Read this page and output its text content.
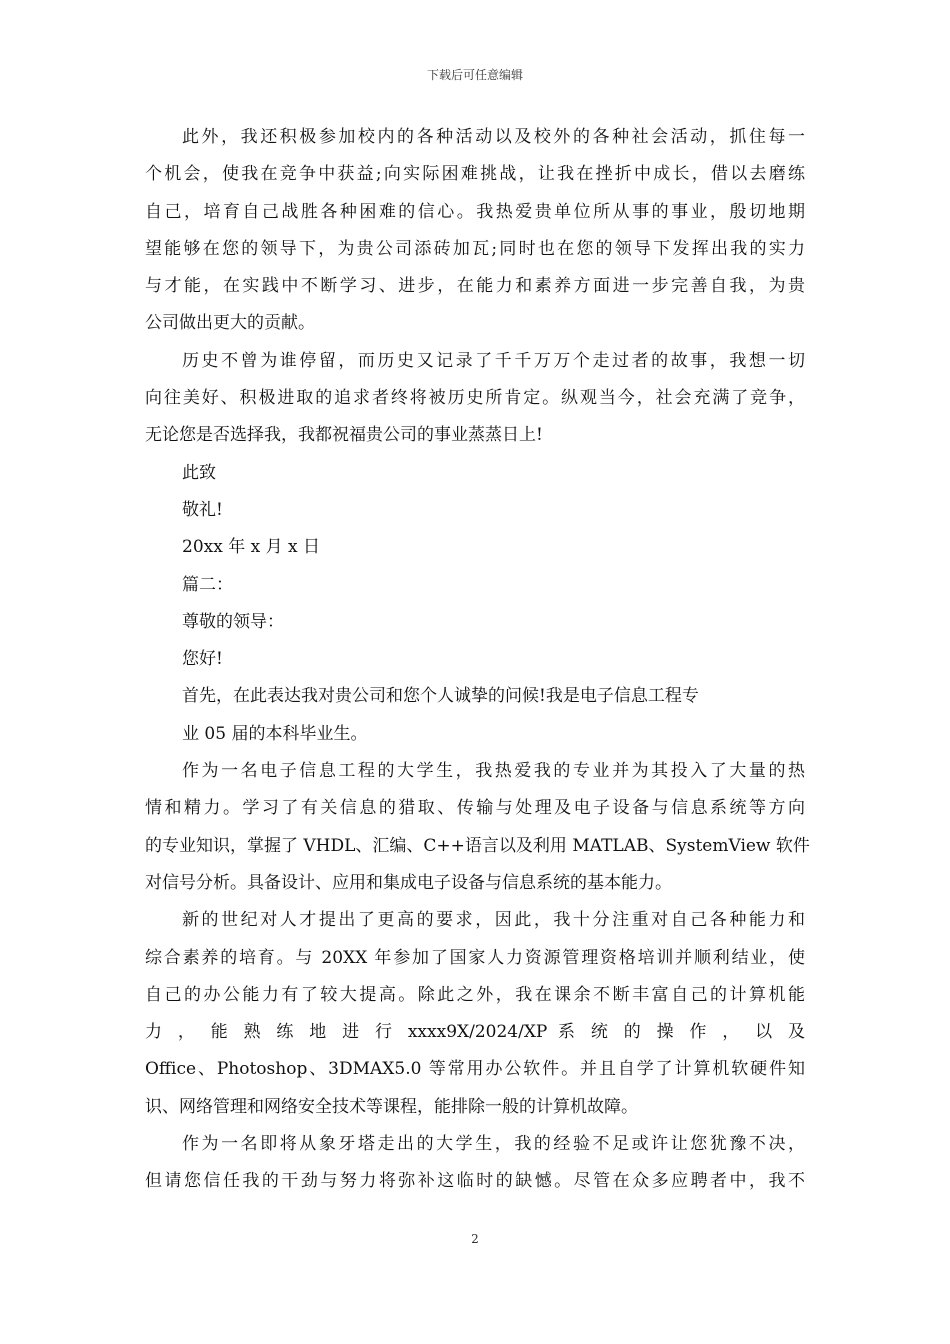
下载后可任意编辑
此外，我还积极参加校内的各种活动以及校外的各种社会活动，抓住每一
个机会，使我在竞争中获益;向实际困难挑战，让我在挫折中成长，借以去磨练
自己，培育自己战胜各种困难的信心。我热爱贵单位所从事的事业，殷切地期
望能够在您的领导下，为贵公司添砖加瓦;同时也在您的领导下发挥出我的实力
与才能，在实践中不断学习、进步，在能力和素养方面进一步完善自我，为贵
公司做出更大的贡献。
历史不曾为谁停留，而历史又记录了千千万万个走过者的故事，我想一切
向往美好、积极进取的追求者终将被历史所肯定。纵观当今，社会充满了竞争，
无论您是否选择我，我都祝福贵公司的事业蒸蒸日上!
此致
敬礼!
20xx 年 x 月 x 日
篇二：
尊敬的领导：
您好!
首先，在此表达我对贵公司和您个人诚挚的问候!我是电子信息工程专
业 05 届的本科毕业生。
作为一名电子信息工程的大学生，我热爱我的专业并为其投入了大量的热
情和精力。学习了有关信息的猎取、传输与处理及电子设备与信息系统等方向
的专业知识，掌握了 VHDL、汇编、C++语言以及利用 MATLAB、SystemView 软件
对信号分析。具备设计、应用和集成电子设备与信息系统的基本能力。
新的世纪对人才提出了更高的要求，因此，我十分注重对自己各种能力和
综合素养的培育。与 20XX 年参加了国家人力资源管理资格培训并顺利结业，使
自己的办公能力有了较大提高。除此之外，我在课余不断丰富自己的计算机能
力 ， 能 熟 练 地 进 行 xxxx9X/2024/XP 系 统 的 操 作 ， 以 及
Office、Photoshop、3DMAX5.0 等常用办公软件。并且自学了计算机软硬件知
识、网络管理和网络安全技术等课程，能排除一般的计算机故障。
作为一名即将从象牙塔走出的大学生，我的经验不足或许让您犹豫不决，
但请您信任我的干劲与努力将弥补这临时的缺憾。尽管在众多应聘者中，我不
2
